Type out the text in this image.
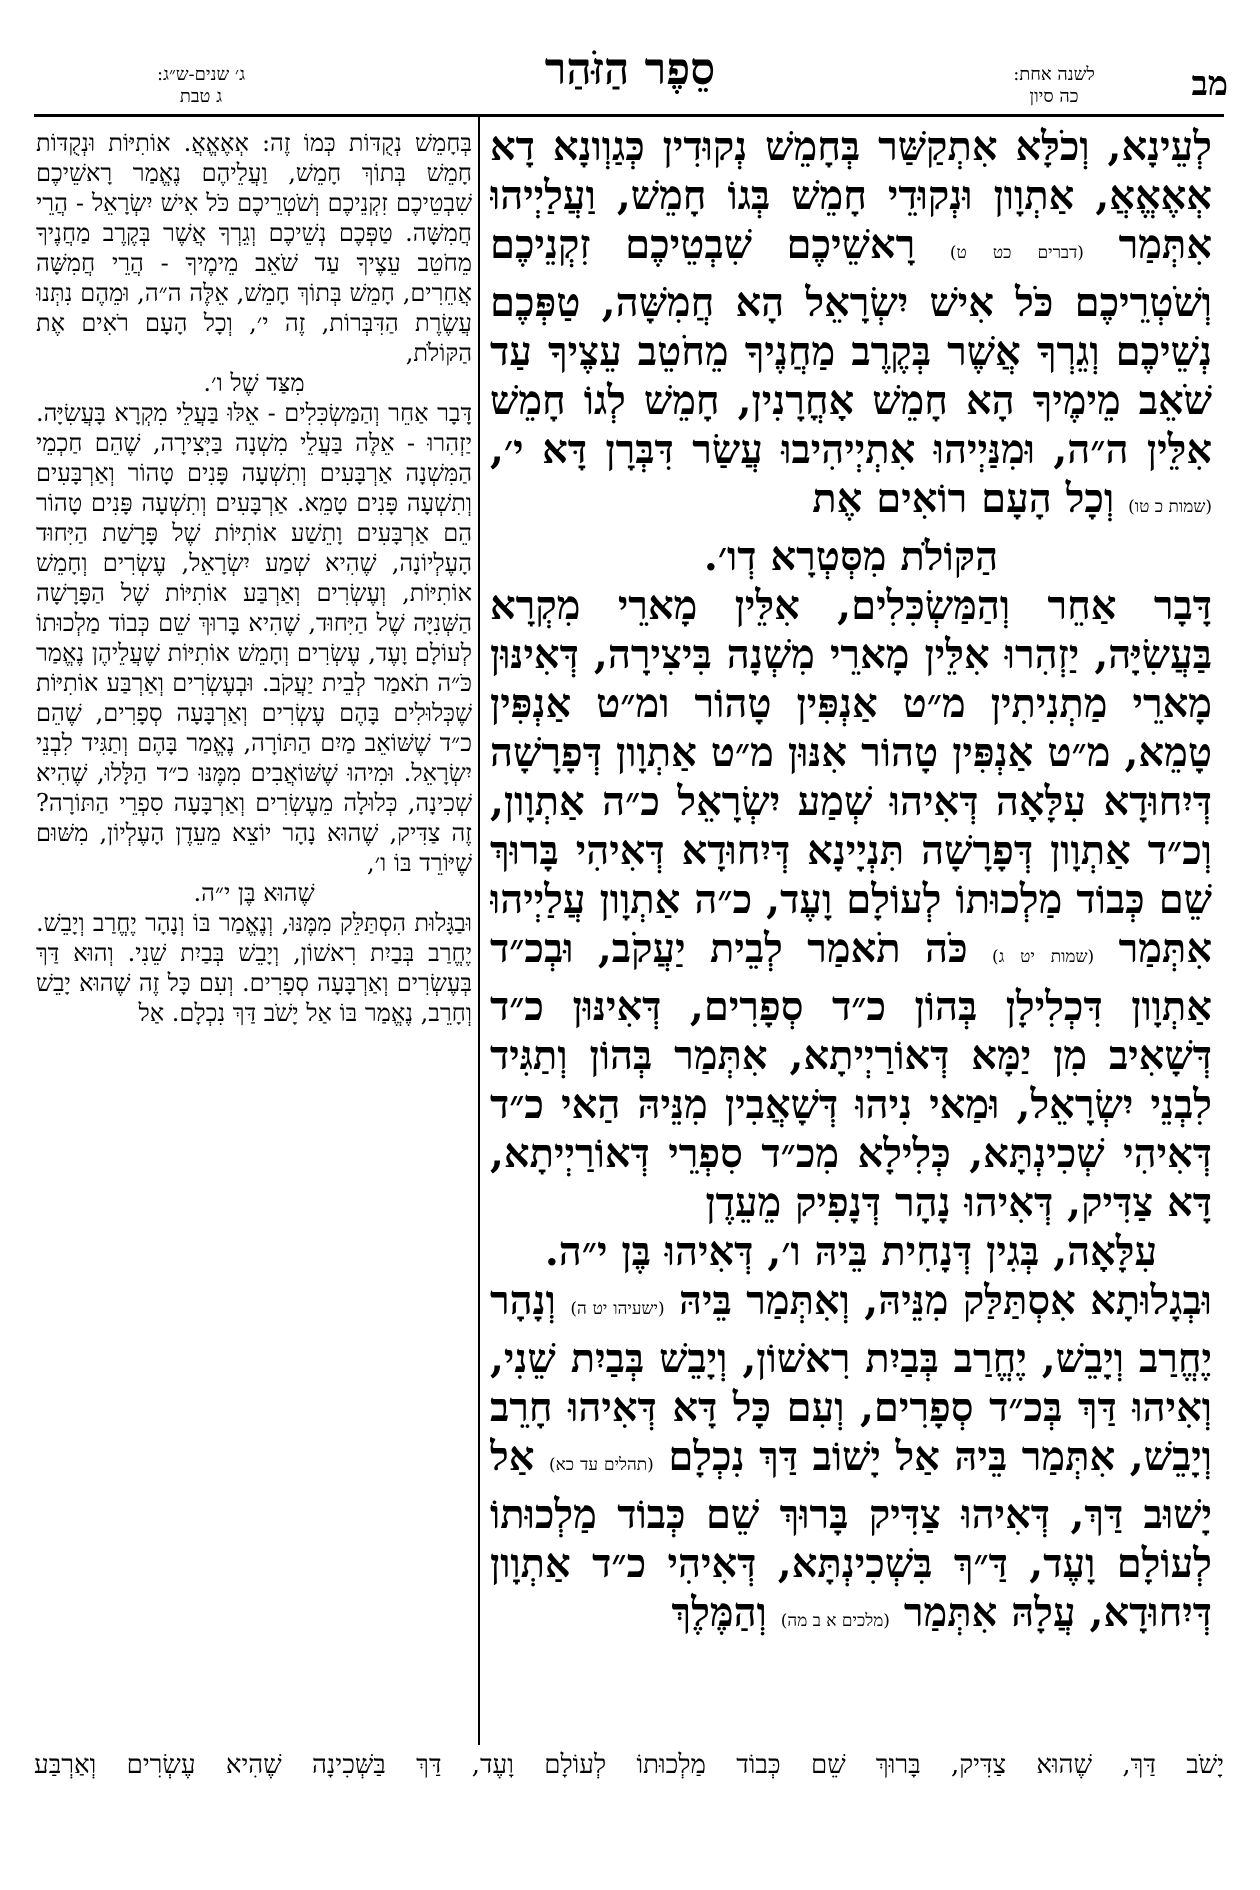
מב
לשנה אחת:
כה סיון
סֵפֶר הַזֹּהַר
ג׳ שנים-ש״ג:
ג טבת

לְעֵינָא, וְכֹלָּא אִתְקַשַּׁר בְּחָמֵשׁ נְקוּדִין כְּגַוְונָא דָא אְאֶאֱאֲ, אַתְוָון וּנְקוּדֵי חָמֵשׁ בְּגוֹ חָמֵשׁ, וַעֲלַיְיהוּ אִתְּמַר (דברים כט ט) רָאשֵׁיכֶם שִׁבְטֵיכֶם זִקְנֵיכֶם וְשֹׁטְרֵיכֶם כֹּל אִישׁ יִשְׂרָאֵל הָא חֲמִשָּׁה, טַפְּכֶם נְשֵׁיכֶם וְגֵרְךָ אֲשֶׁר בְּקֶרֶב מַחֲנֶיךָ מֵחֹטֵב עֵצֶיךָ עַד שֹׁאֵב מֵימֶיךָ הָא חָמֵשׁ אָחֳרָנִין, חָמֵשׁ לְגוֹ חָמֵשׁ אִלֵּין ה״ה, וּמִנַּיְיהוּ אִתְיְיהִיבוּ עֲשַׂר דִּבְּרָן דָּא י׳, (שמות כ טו) וְכָל הָעָם רוֹאִים אֶת

הַקּוֹלֹת מִסְּטְרָא דְו׳.

דָּבָר אַחֵר וְהַמַּשְׂכִּלִים, אִלֵּין מָארֵי מִקְרָא בַּעֲשִׂיָּה, יַזְהִרוּ אִלֵּין מָארֵי מִשְׁנָה בִּיצִירָה, דְּאִינּוּן מָארֵי מַתְנִיתִין מ״ט אַנְפִּין טָהוֹר ומ״ט אַנְפִּין טָמֵא, מ״ט אַנְפִּין טָהוֹר אִנּוּן מ״ט אַתְוָון דְּפָרָשָׁה דְּיִחוּדָא עִלָּאָה דְּאִיהוּ שְׁמַע יִשְׂרָאֵל כ״ה אַתְוָון, וְכ״ד אַתְוָון דְּפָרָשָׁה תִּנְיָינָא דְּיִחוּדָא דְּאִיהִי בָּרוּךְ שֵׁם כְּבוֹד מַלְכוּתוֹ לְעוֹלָם וָעֶד, כ״ה אַתְוָון עֲלַיְיהוּ אִתְּמַר (שמות יט ג) כֹּה תֹאמַר לְבֵית יַעֲקֹב, וּבְכ״ד אַתְוָון דִּכְלִילָן בְּהוֹן כ״ד סְפָרִים, דְּאִינּוּן כ״ד דְּשָׁאִיב מִן יַמָּא דְּאוֹרַיְיתָא, אִתְּמַר בְּהוֹן וְתַגִּיד לִבְנֵי יִשְׂרָאֵל, וּמַאי נִיהוּ דְּשָׁאֲבִין מִנֵּיהּ הַאי כ״ד דְּאִיהִי שְׁכִינְתָּא, כְּלִילָא מִכ״ד סִפְרֵי דְּאוֹרַיְיתָא, דָּא צַדִּיק, דְּאִיהוּ נָהָר דְּנָפִיק מֵעֵדֶן

עִלָּאָה, בְּגִין דְּנָחִית בֵּיהּ ו׳, דְּאִיהוּ בֶּן י״ה.

וּבְגָלוּתָא אִסְתַּלַּק מִנֵּיהּ, וְאִתְּמַר בֵּיהּ (ישעיהו יט ה) וְנָהָר יֶחֱרַב וְיָבֵשׁ, יֶחֱרַב בְּבַיִת רִאשׁוֹן, וְיָבֵשׁ בְּבַיִת שֵׁנִי, וְאִיהוּ דַּךְ בְּכ״ד סְפָרִים, וְעִם כָּל דָּא דְּאִיהוּ חָרֵב וְיָבֵשׁ, אִתְּמַר בֵּיהּ אַל יָשׁוֹב דַּךְ נִכְלָם (תהלים עד כא) אַל יָשׁוּב דַּךְ, דְּאִיהוּ צַדִּיק בָּרוּךְ שֵׁם כְּבוֹד מַלְכוּתוֹ לְעוֹלָם וָעֶד, דַּ״ךְ בִּשְׁכִינְתָּא, דְּאִיהִי כ״ד אַתְוָון דְּיִחוּדָא, עֲלָהּ אִתְּמַר (מלכים א ב מה) וְהַמֶּלֶךְ

בְּחָמֵשׁ נְקֻדּוֹת כְּמוֹ זֶה: אְאֶאֱאֲ. אוֹתִיּוֹת וּנְקֻדּוֹת חָמֵשׁ בְּתוֹךְ חָמֵשׁ, וַעֲלֵיהֶם נֶאֱמַר רָאשֵׁיכֶם שִׁבְטֵיכֶם זִקְנֵיכֶם וְשֹׁטְרֵיכֶם כֹּל אִישׁ יִשְׂרָאֵל - הֲרֵי חֲמִשָּׁה. טַפְּכֶם נְשֵׁיכֶם וְגֵרְךָ אֲשֶׁר בְּקֶרֶב מַחֲנֶיךָ מֵחֹטֵב עֵצֶיךָ עַד שֹׁאֵב מֵימֶיךָ - הֲרֵי חֲמִשָּׁה אֲחֵרִים, חָמֵשׁ בְּתוֹךְ חָמֵשׁ, אֵלֶּה ה״ה, וּמֵהֶם נִתְּנוּ עֲשֶׂרֶת הַדִּבְּרוֹת, זֶה י׳, וְכָל הָעָם רֹאִים אֶת הַקּוֹלֹת,

מִצַּד שֶׁל ו׳.

דָּבָר אַחֵר וְהַמַּשְׂכִּלִים - אֵלּוּ בַּעֲלֵי מִקְרָא בָּעֲשִׂיָּה. יַזְהִרוּ - אֵלֶּה בַּעֲלֵי מִשְׁנָה בַּיְּצִירָה, שֶׁהֵם חַכְמֵי הַמִּשְׁנָה אַרְבָּעִים וְתִשְׁעָה פָּנִים טָהוֹר וְאַרְבָּעִים וְתִשְׁעָה פָּנִים טָמֵא. אַרְבָּעִים וְתִשְׁעָה פָּנִים טָהוֹר הֵם אַרְבָּעִים וָתֵשַׁע אוֹתִיּוֹת שֶׁל פָּרָשַׁת הַיִּחוּד הָעֶלְיוֹנָה, שֶׁהִיא שְׁמַע יִשְׂרָאֵל, עֶשְׂרִים וְחָמֵשׁ אוֹתִיּוֹת, וְעֶשְׂרִים וְאַרְבַּע אוֹתִיּוֹת שֶׁל הַפָּרָשָׁה הַשְּׁנִיָּה שֶׁל הַיִּחוּד, שֶׁהִיא בָּרוּךְ שֵׁם כְּבוֹד מַלְכוּתוֹ לְעוֹלָם וָעֶד, עֶשְׂרִים וְחָמֵשׁ אוֹתִיּוֹת שֶׁעֲלֵיהֶן נֶאֱמַר כֹּ״ה תֹאמַר לְבֵית יַעֲקֹב. וּבְעֶשְׂרִים וְאַרְבַּע אוֹתִיּוֹת שֶׁכְּלוּלִים בָּהֶם עֶשְׂרִים וְאַרְבָּעָה סְפָרִים, שֶׁהֵם כ״ד שֶׁשּׁוֹאֵב מַיִם הַתּוֹרָה, נֶאֱמַר בָּהֶם וְתַגִּיד לִבְנֵי יִשְׂרָאֵל. וּמִיהוּ שֶׁשּׁוֹאֲבִים מִמֶּנּוּ כ״ד הַלָּלוּ, שֶׁהִיא שְׁכִינָה, כְּלוּלָה מֵעֶשְׂרִים וְאַרְבָּעָה סִפְרֵי הַתּוֹרָה? זֶה צַדִּיק, שֶׁהוּא נָהָר יוֹצֵא מֵעֵדֶן הָעֶלְיוֹן, מִשּׁוּם שֶׁיּוֹרֵד בּוֹ ו׳,

שֶׁהוּא בֶּן י״ה.

וּבַגָּלוּת הִסְתַּלֵּק מִמֶּנּוּ, וְנֶאֱמַר בּוֹ וְנָהָר יֶחֱרַב וְיָבֵשׁ. יֶחֱרַב בְּבַיִת רִאשׁוֹן, וְיָבֵשׁ בְּבַיִת שֵׁנִי. וְהוּא דַּךְ בְּעֶשְׂרִים וְאַרְבָּעָה סְפָרִים. וְעִם כָּל זֶה שֶׁהוּא יָבֵשׁ וְחָרֵב, נֶאֱמַר בּוֹ אַל יָשֹׁב דַּךְ נִכְלָם. אַל

יָשֹׁב דַּךְ, שֶׁהוּא צַדִּיק, בָּרוּךְ שֵׁם כְּבוֹד מַלְכוּתוֹ לְעוֹלָם וָעֶד, דַּךְ בַּשְּׁכִינָה שֶׁהִיא עֶשְׂרִים וְאַרְבַּע
